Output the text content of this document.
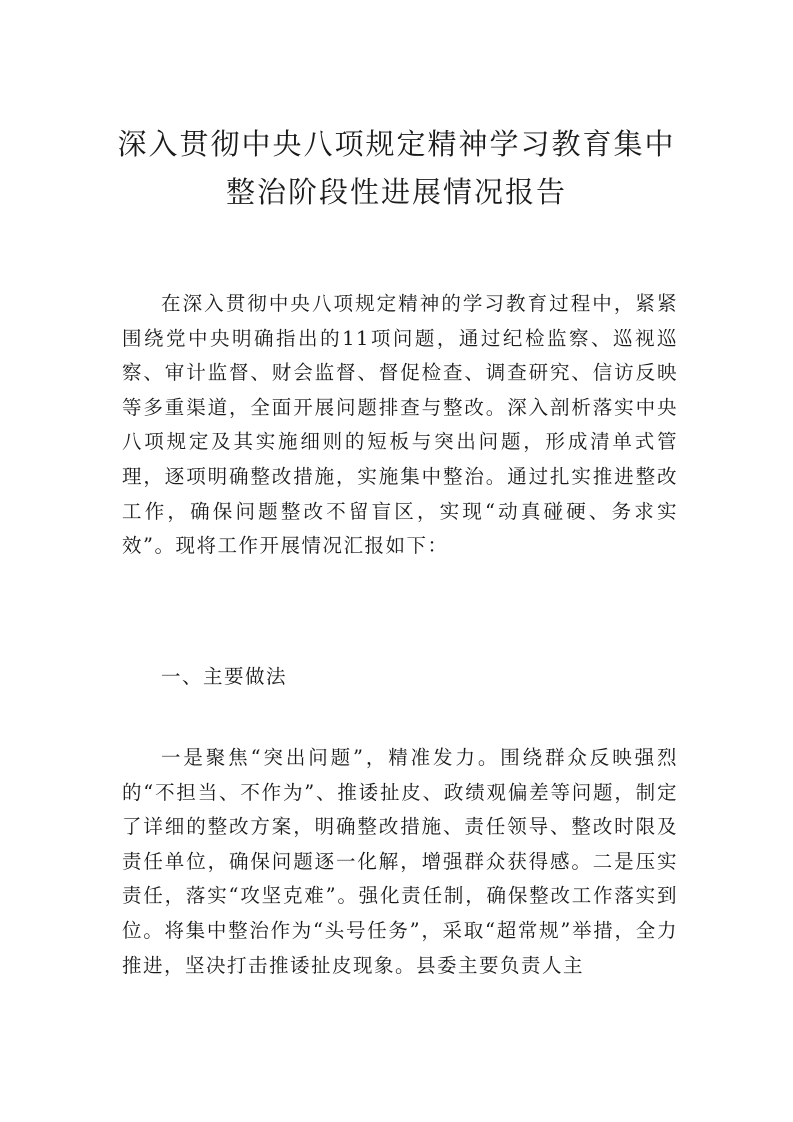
深入贯彻中央八项规定精神学习教育集中
整治阶段性进展情况报告

在深入贯彻中央八项规定精神的学习教育过程中，紧紧围绕党中央明确指出的11项问题，通过纪检监察、巡视巡察、审计监督、财会监督、督促检查、调查研究、信访反映等多重渠道，全面开展问题排查与整改。深入剖析落实中央八项规定及其实施细则的短板与突出问题，形成清单式管理，逐项明确整改措施，实施集中整治。通过扎实推进整改工作，确保问题整改不留盲区，实现“动真碰硬、务求实效”。现将工作开展情况汇报如下：

一、主要做法

一是聚焦“突出问题”，精准发力。围绕群众反映强烈的“不担当、不作为”、推诿扯皮、政绩观偏差等问题，制定了详细的整改方案，明确整改措施、责任领导、整改时限及责任单位，确保问题逐一化解，增强群众获得感。二是压实责任，落实“攻坚克难”。强化责任制，确保整改工作落实到位。将集中整治作为“头号任务”，采取“超常规”举措，全力推进，坚决打击推诿扯皮现象。县委主要负责人主
